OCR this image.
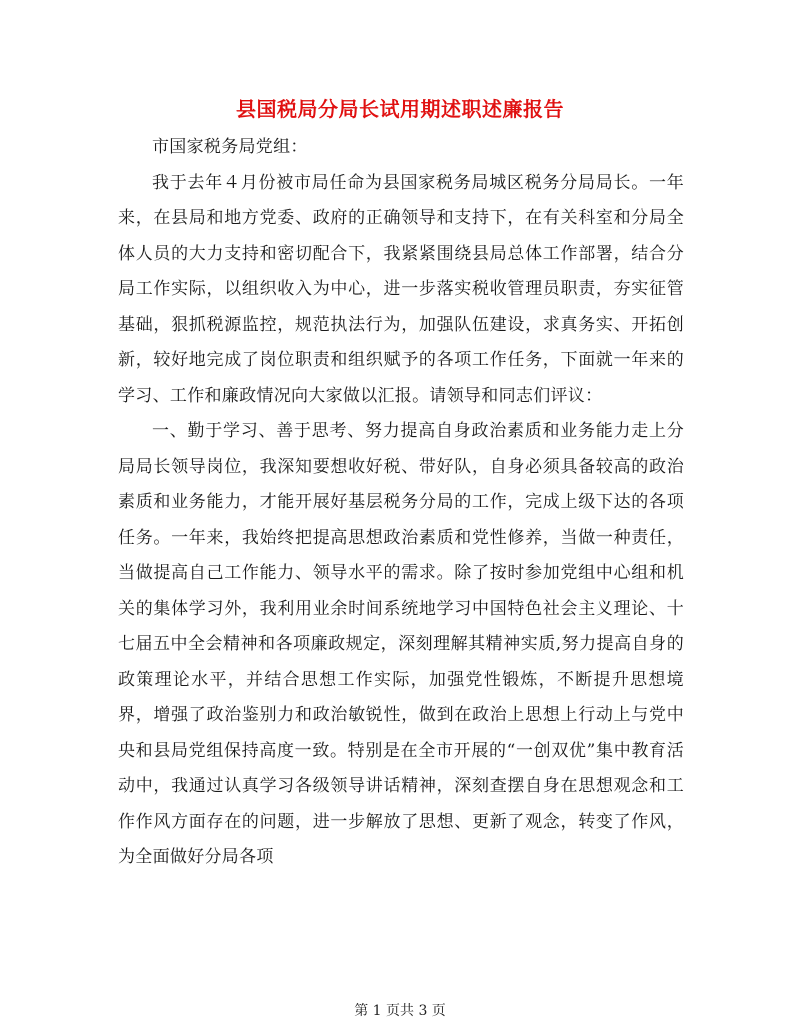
县国税局分局长试用期述职述廉报告

市国家税务局党组：

我于去年４月份被市局任命为县国家税务局城区税务分局局长。一年来，在县局和地方党委、政府的正确领导和支持下，在有关科室和分局全体人员的大力支持和密切配合下，我紧紧围绕县局总体工作部署，结合分局工作实际，以组织收入为中心，进一步落实税收管理员职责，夯实征管基础，狠抓税源监控，规范执法行为，加强队伍建设，求真务实、开拓创新，较好地完成了岗位职责和组织赋予的各项工作任务，下面就一年来的学习、工作和廉政情况向大家做以汇报。请领导和同志们评议：

一、勤于学习、善于思考、努力提高自身政治素质和业务能力走上分局局长领导岗位，我深知要想收好税、带好队，自身必须具备较高的政治素质和业务能力，才能开展好基层税务分局的工作，完成上级下达的各项任务。一年来，我始终把提高思想政治素质和党性修养，当做一种责任，当做提高自己工作能力、领导水平的需求。除了按时参加党组中心组和机关的集体学习外，我利用业余时间系统地学习中国特色社会主义理论、十七届五中全会精神和各项廉政规定，深刻理解其精神实质,努力提高自身的政策理论水平，并结合思想工作实际，加强党性锻炼，不断提升思想境界，增强了政治鉴别力和政治敏锐性，做到在政治上思想上行动上与党中央和县局党组保持高度一致。特别是在全市开展的“一创双优”集中教育活动中，我通过认真学习各级领导讲话精神，深刻查摆自身在思想观念和工作作风方面存在的问题，进一步解放了思想、更新了观念，转变了作风，为全面做好分局各项

第 1 页共 3 页
